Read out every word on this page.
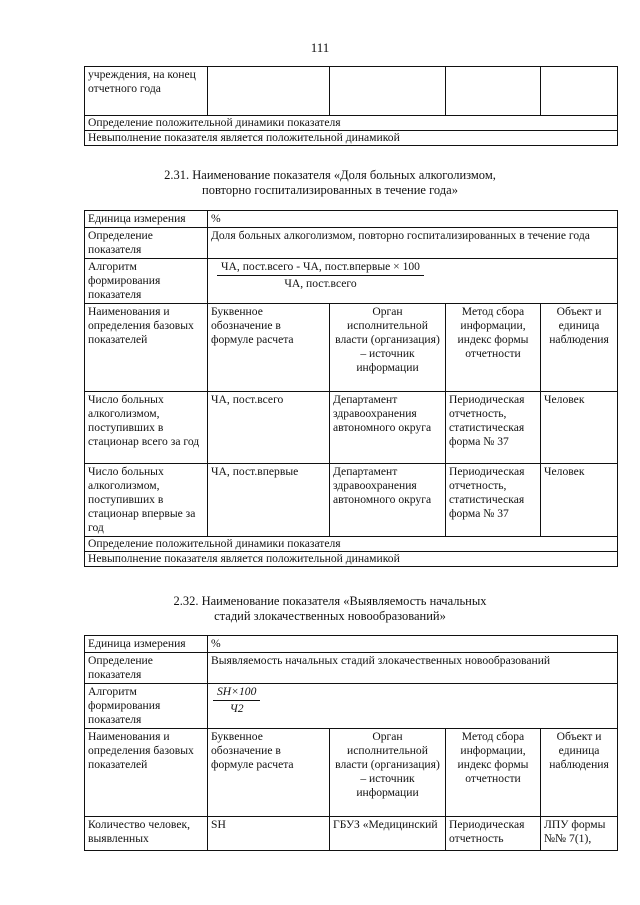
111
учреждения, на конец отчетного года				
Определение положительной динамики показателя
Невыполнение показателя является положительной динамикой
2.31. Наименование показателя «Доля больных алкоголизмом,
повторно госпитализированных в течение года»
Единица измерения	%			
Определение показателя	Доля больных алкоголизмом, повторно госпитализированных в течение года			
Алгоритм формирования показателя	$\frac{\text{ЧА, пост.всего - ЧА, пост.впервые × 100}}{\text{ЧА, пост.всего}}$

Наименования и определения базовых показателей	Буквенное обозначение в формуле расчета	Орган исполнительной власти (организация) – источник информации	Метод сбора информации, индекс формы отчетности	Объект и единица наблюдения
Число больных алкоголизмом, поступивших в стационар всего за год	ЧА, пост.всего	Департамент здравоохранения автономного округа	Периодическая отчетность, статистическая форма № 37	Человек
Число больных алкоголизмом, поступивших в стационар впервые за год	ЧА, пост.впервые	Департамент здравоохранения автономного округа	Периодическая отчетность, статистическая форма № 37	Человек
Определение положительной динамики показателя				
Невыполнение показателя является положительной динамикой				
2.32. Наименование показателя «Выявляемость начальных
стадий злокачественных новообразований»
Единица измерения	%			
Определение показателя	Выявляемость начальных стадий злокачественных новообразований			
Алгоритм формирования показателя	$\frac{SH\times 100}{Ч2}$

Наименования и определения базовых показателей	Буквенное обозначение в формуле расчета	Орган исполнительной власти (организация) – источник информации	Метод сбора информации, индекс формы отчетности	Объект и единица наблюдения
Количество человек, выявленных	SH	ГБУЗ «Медицинский	Периодическая отчетность	ЛПУ формы №№ 7(1),
